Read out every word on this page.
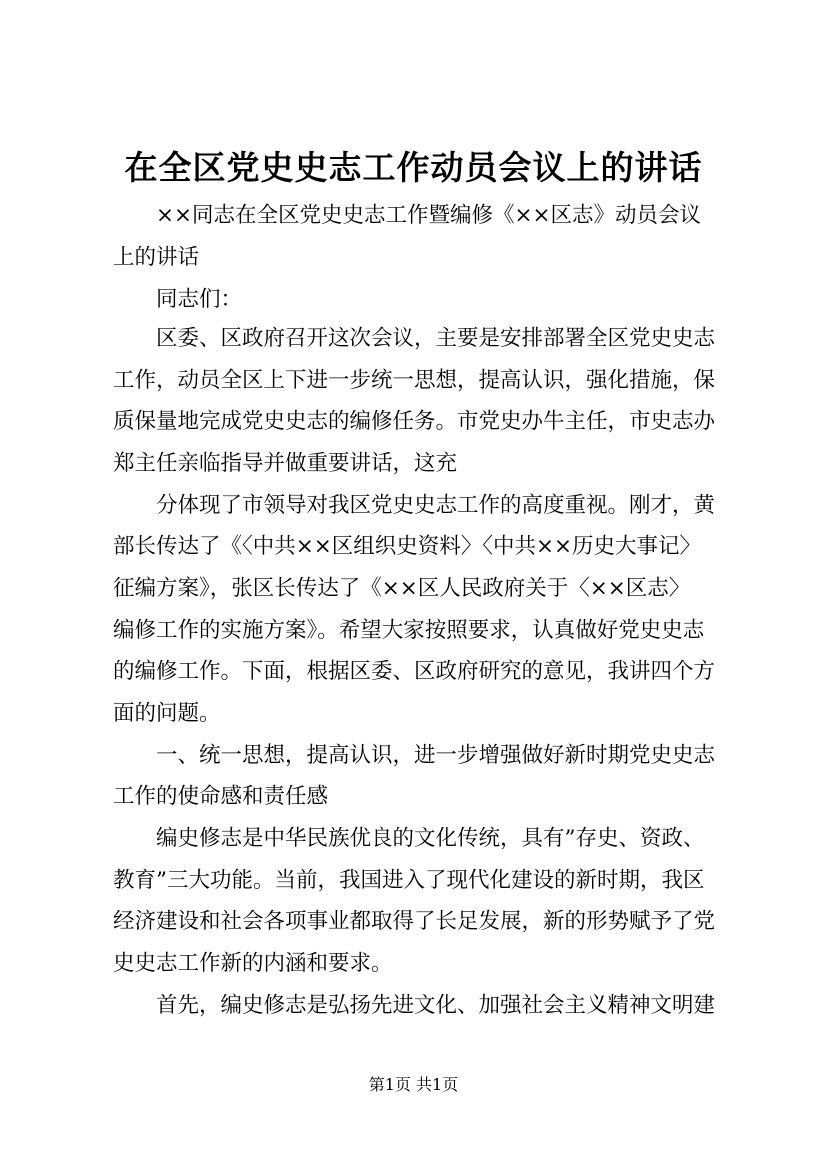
在全区党史史志工作动员会议上的讲话

××同志在全区党史史志工作暨编修《××区志》动员会议

上的讲话

同志们：

区委、区政府召开这次会议，主要是安排部署全区党史史志

工作，动员全区上下进一步统一思想，提高认识，强化措施，保

质保量地完成党史史志的编修任务。市党史办牛主任，市史志办

郑主任亲临指导并做重要讲话，这充

分体现了市领导对我区党史史志工作的高度重视。刚才，黄

部长传达了《〈中共××区组织史资料〉〈中共××历史大事记〉

征编方案》，张区长传达了《××区人民政府关于〈××区志〉

编修工作的实施方案》。希望大家按照要求，认真做好党史史志

的编修工作。下面，根据区委、区政府研究的意见，我讲四个方

面的问题。

一、统一思想，提高认识，进一步增强做好新时期党史史志

工作的使命感和责任感

编史修志是中华民族优良的文化传统，具有”存史、资政、

教育”三大功能。当前，我国进入了现代化建设的新时期，我区

经济建设和社会各项事业都取得了长足发展，新的形势赋予了党

史史志工作新的内涵和要求。

首先，编史修志是弘扬先进文化、加强社会主义精神文明建

第1页 共1页
